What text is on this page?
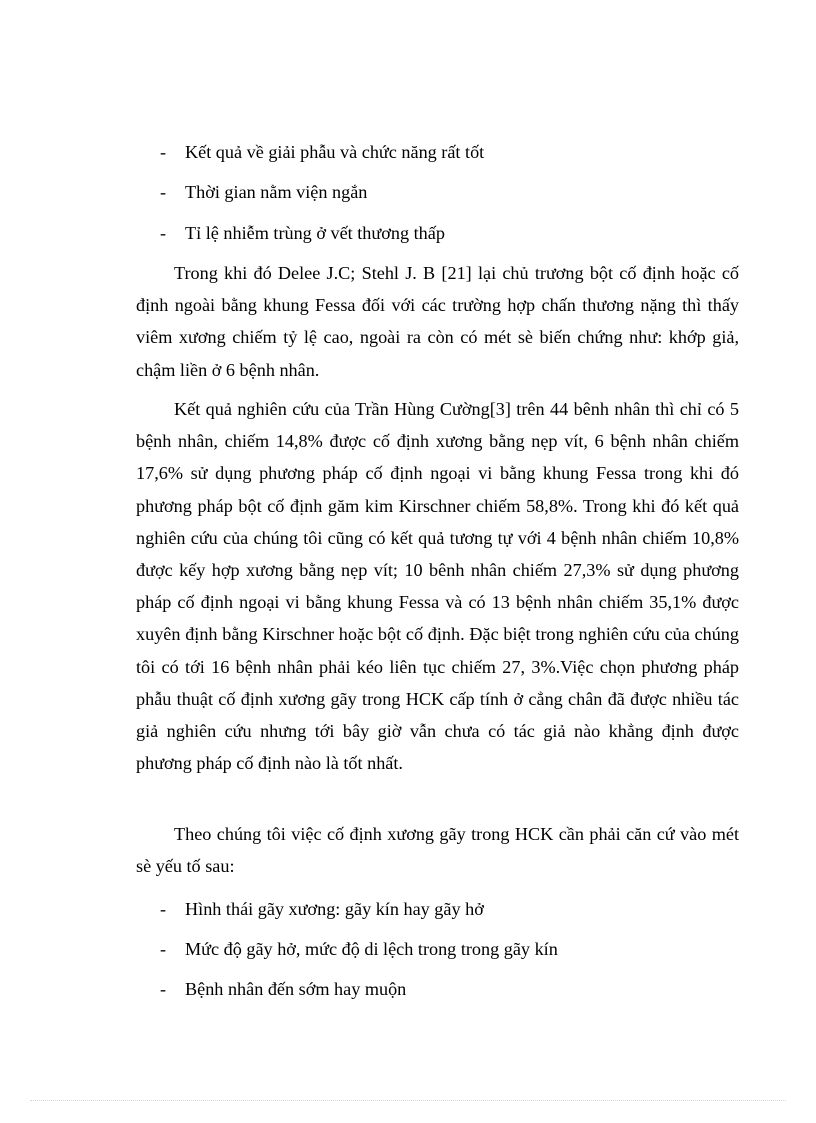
- Kết quả về giải phẫu và chức năng rất tốt
- Thời gian nằm viện ngắn
- Tỉ lệ nhiễm trùng ở vết thương thấp

Trong khi đó Delee J.C; Stehl J. B [21] lại chủ trương bột cố định hoặc cố định ngoài bằng khung Fessa đối với các trường hợp chấn thương nặng thì thấy viêm xương chiếm tỷ lệ cao, ngoài ra còn có mét sè biến chứng như: khớp giả, chậm liền ở 6 bệnh nhân.

Kết quả nghiên cứu của Trần Hùng Cường[3] trên 44 bênh nhân thì chỉ có 5 bệnh nhân, chiếm 14,8% được cố định xương bằng nẹp vít, 6 bệnh nhân chiếm 17,6% sử dụng phương pháp cố định ngoại vi bằng khung Fessa trong khi đó phương pháp bột cố định găm kim Kirschner chiếm 58,8%. Trong khi đó kết quả nghiên cứu của chúng tôi cũng có kết quả tương tự với 4 bệnh nhân chiếm 10,8% được kếy hợp xương bằng nẹp vít; 10 bênh nhân chiếm 27,3% sử dụng phương pháp cố định ngoại vi bằng khung Fessa và có 13 bệnh nhân chiếm 35,1% được xuyên định bằng Kirschner hoặc bột cố định. Đặc biệt trong nghiên cứu của chúng tôi có tới 16 bệnh nhân phải kéo liên tục chiếm 27, 3%.Việc chọn phương pháp phẫu thuật cố định xương gãy trong HCK cấp tính ở cẳng chân đã được nhiều tác giả nghiên cứu nhưng tới bây giờ vẫn chưa có tác giả nào khẳng định được phương pháp cố định nào là tốt nhất.

Theo chúng tôi việc cố định xương gãy trong HCK cần phải căn cứ vào mét sè yếu tố sau:

- Hình thái gãy xương: gãy kín hay gãy hở
- Mức độ gãy hở, mức độ di lệch trong trong gãy kín
- Bệnh nhân đến sớm hay muộn
